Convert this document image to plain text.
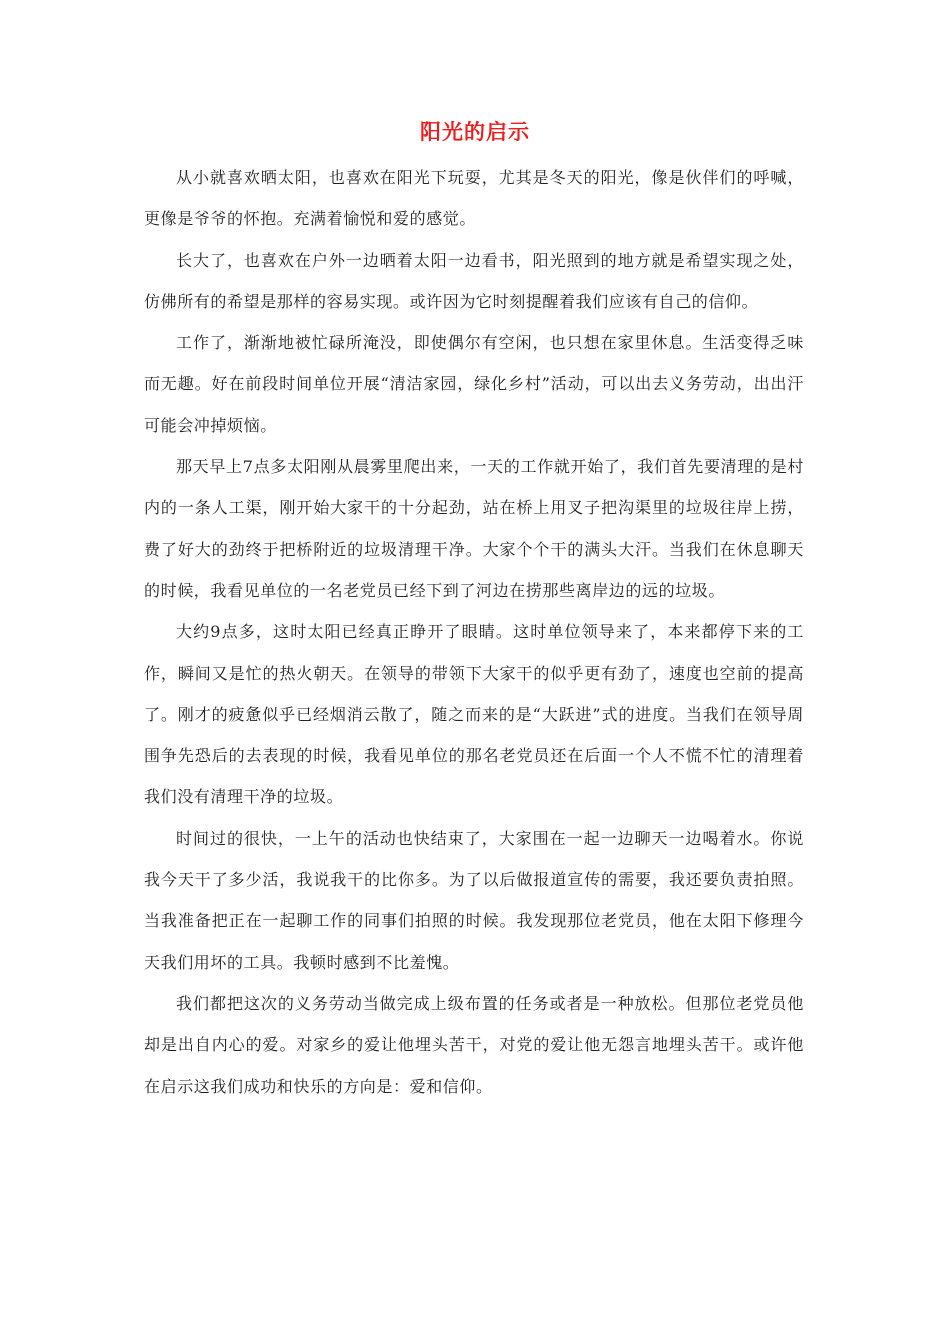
阳光的启示

从小就喜欢晒太阳，也喜欢在阳光下玩耍，尤其是冬天的阳光，像是伙伴们的呼喊，更像是爷爷的怀抱。充满着愉悦和爱的感觉。

长大了，也喜欢在户外一边晒着太阳一边看书，阳光照到的地方就是希望实现之处，仿佛所有的希望是那样的容易实现。或许因为它时刻提醒着我们应该有自己的信仰。

工作了，渐渐地被忙碌所淹没，即使偶尔有空闲，也只想在家里休息。生活变得乏味而无趣。好在前段时间单位开展“清洁家园，绿化乡村”活动，可以出去义务劳动，出出汗可能会冲掉烦恼。

那天早上7点多太阳刚从晨雾里爬出来，一天的工作就开始了，我们首先要清理的是村内的一条人工渠，刚开始大家干的十分起劲，站在桥上用叉子把沟渠里的垃圾往岸上捞，费了好大的劲终于把桥附近的垃圾清理干净。大家个个干的满头大汗。当我们在休息聊天的时候，我看见单位的一名老党员已经下到了河边在捞那些离岸边的远的垃圾。

大约9点多，这时太阳已经真正睁开了眼睛。这时单位领导来了，本来都停下来的工作，瞬间又是忙的热火朝天。在领导的带领下大家干的似乎更有劲了，速度也空前的提高了。刚才的疲惫似乎已经烟消云散了，随之而来的是“大跃进”式的进度。当我们在领导周围争先恐后的去表现的时候，我看见单位的那名老党员还在后面一个人不慌不忙的清理着我们没有清理干净的垃圾。

时间过的很快，一上午的活动也快结束了，大家围在一起一边聊天一边喝着水。你说我今天干了多少活，我说我干的比你多。为了以后做报道宣传的需要，我还要负责拍照。当我准备把正在一起聊工作的同事们拍照的时候。我发现那位老党员，他在太阳下修理今天我们用坏的工具。我顿时感到不比羞愧。

我们都把这次的义务劳动当做完成上级布置的任务或者是一种放松。但那位老党员他却是出自内心的爱。对家乡的爱让他埋头苦干，对党的爱让他无怨言地埋头苦干。或许他在启示这我们成功和快乐的方向是：爱和信仰。
